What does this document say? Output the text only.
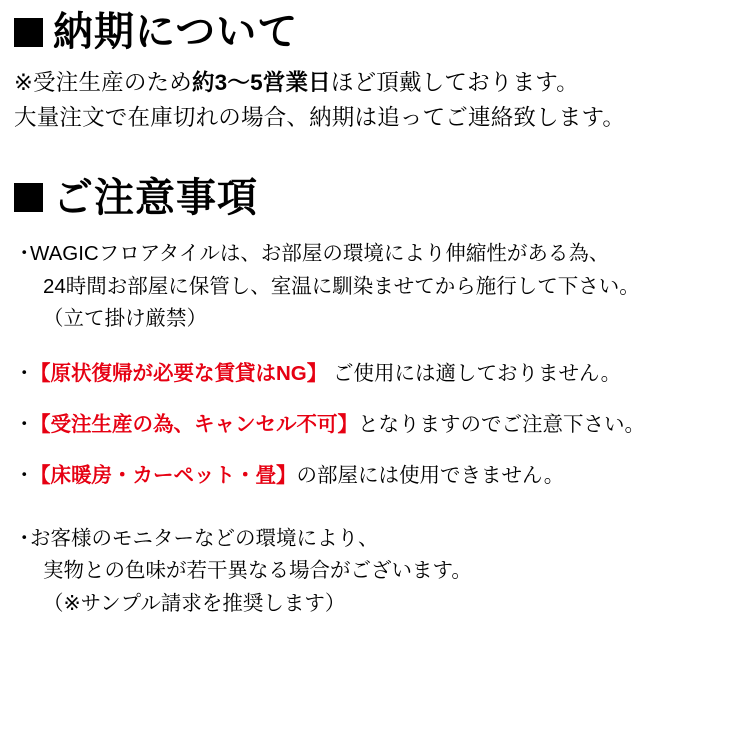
納期について
※受注生産のため約3〜5営業日ほど頂戴しております。
大量注文で在庫切れの場合、納期は追ってご連絡致します。
ご注意事項
・
WAGICフロアタイルは、お部屋の環境により伸縮性がある為、
24時間お部屋に保管し、室温に馴染ませてから施行して下さい。
（立て掛け厳禁）
・
【原状復帰が必要な賃貸はNG】 ご使用には適しておりません。
・
【受注生産の為、キャンセル不可】となりますのでご注意下さい。
・
【床暖房・カーペット・畳】の部屋には使用できません。
・
お客様のモニターなどの環境により、
実物との色味が若干異なる場合がございます。
（※サンプル請求を推奨します）
